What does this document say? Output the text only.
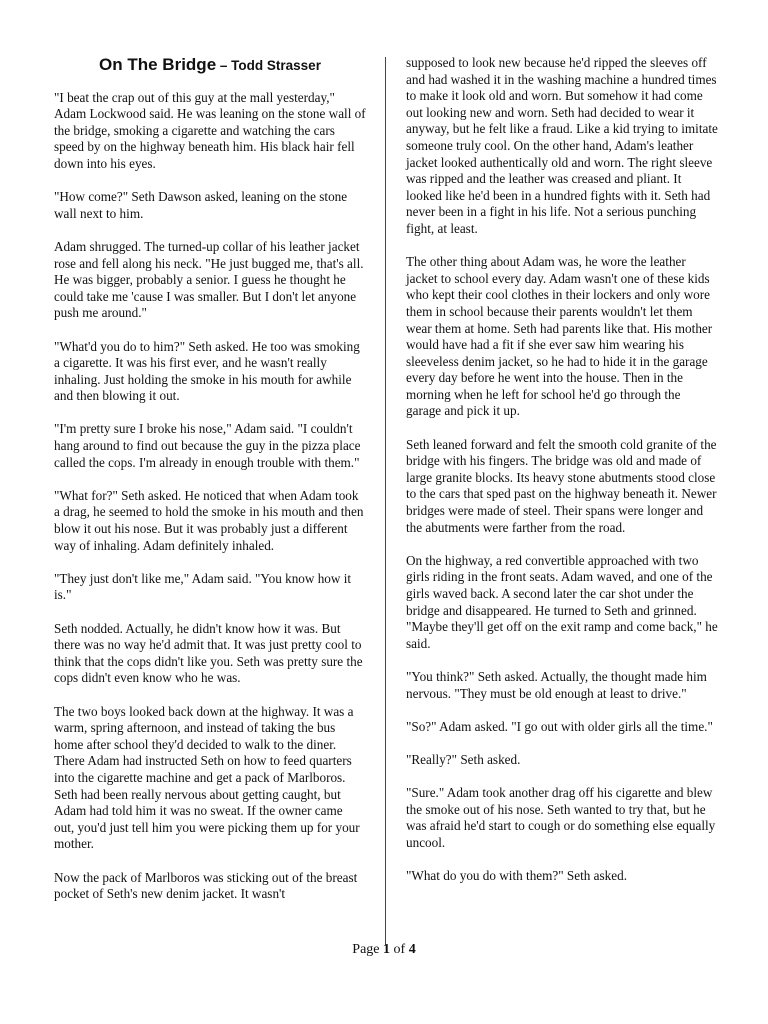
On The Bridge – Todd Strasser

"I beat the crap out of this guy at the mall yesterday," Adam Lockwood said. He was leaning on the stone wall of the bridge, smoking a cigarette and watching the cars speed by on the highway beneath him. His black hair fell down into his eyes.

"How come?" Seth Dawson asked, leaning on the stone wall next to him.

Adam shrugged. The turned-up collar of his leather jacket rose and fell along his neck. "He just bugged me, that's all. He was bigger, probably a senior. I guess he thought he could take me 'cause I was smaller. But I don't let anyone push me around."

"What'd you do to him?" Seth asked. He too was smoking a cigarette. It was his first ever, and he wasn't really inhaling. Just holding the smoke in his mouth for awhile and then blowing it out.

"I'm pretty sure I broke his nose," Adam said. "I couldn't hang around to find out because the guy in the pizza place called the cops. I'm already in enough trouble with them."

"What for?" Seth asked. He noticed that when Adam took a drag, he seemed to hold the smoke in his mouth and then blow it out his nose. But it was probably just a different way of inhaling. Adam definitely inhaled.

"They just don't like me," Adam said. "You know how it is."

Seth nodded. Actually, he didn't know how it was. But there was no way he'd admit that. It was just pretty cool to think that the cops didn't like you. Seth was pretty sure the cops didn't even know who he was.

The two boys looked back down at the highway. It was a warm, spring afternoon, and instead of taking the bus home after school they'd decided to walk to the diner. There Adam had instructed Seth on how to feed quarters into the cigarette machine and get a pack of Marlboros. Seth had been really nervous about getting caught, but Adam had told him it was no sweat. If the owner came out, you'd just tell him you were picking them up for your mother.

Now the pack of Marlboros was sticking out of the breast pocket of Seth's new denim jacket. It wasn't

supposed to look new because he'd ripped the sleeves off and had washed it in the washing machine a hundred times to make it look old and worn. But somehow it had come out looking new and worn. Seth had decided to wear it anyway, but he felt like a fraud. Like a kid trying to imitate someone truly cool. On the other hand, Adam's leather jacket looked authentically old and worn. The right sleeve was ripped and the leather was creased and pliant. It looked like he'd been in a hundred fights with it. Seth had never been in a fight in his life. Not a serious punching fight, at least.

The other thing about Adam was, he wore the leather jacket to school every day. Adam wasn't one of these kids who kept their cool clothes in their lockers and only wore them in school because their parents wouldn't let them wear them at home. Seth had parents like that. His mother would have had a fit if she ever saw him wearing his sleeveless denim jacket, so he had to hide it in the garage every day before he went into the house. Then in the morning when he left for school he'd go through the garage and pick it up.

Seth leaned forward and felt the smooth cold granite of the bridge with his fingers. The bridge was old and made of large granite blocks. Its heavy stone abutments stood close to the cars that sped past on the highway beneath it. Newer bridges were made of steel. Their spans were longer and the abutments were farther from the road.

On the highway, a red convertible approached with two girls riding in the front seats. Adam waved, and one of the girls waved back. A second later the car shot under the bridge and disappeared. He turned to Seth and grinned. "Maybe they'll get off on the exit ramp and come back," he said.

"You think?" Seth asked. Actually, the thought made him nervous. "They must be old enough at least to drive."

"So?" Adam asked. "I go out with older girls all the time."

"Really?" Seth asked.

"Sure." Adam took another drag off his cigarette and blew the smoke out of his nose. Seth wanted to try that, but he was afraid he'd start to cough or do something else equally uncool.

"What do you do with them?" Seth asked.

Page 1 of 4
